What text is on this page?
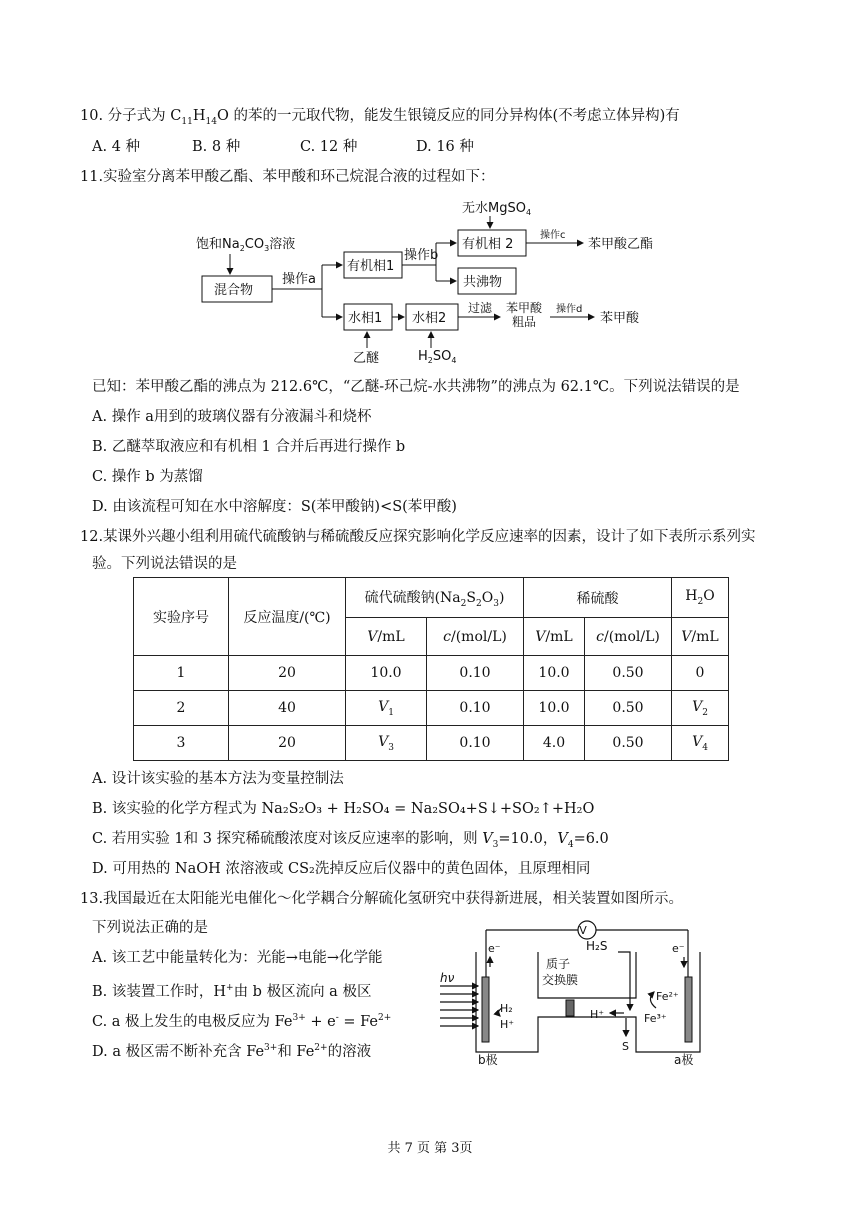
10. 分子式为 $C_{11}H_{14}O$ 的苯的一元取代物，能发生银镜反应的同分异构体(不考虑立体异构)有
A. 4 种	B. 8 种	C. 12 种	D. 16 种
11.实验室分离苯甲酸乙酯、苯甲酸和环己烷混合液的过程如下：
无水MgSO$_4$
饱和$Na_2CO_3$溶液
混合物
操作a
有机相1
操作b
有机相 2
操作c
苯甲酸乙酯
共沸物
水相1 水相2
过滤 苯甲酸
粗品
操作d
苯甲酸
乙醚	$H_2SO_4$
已知：苯甲酸乙酯的沸点为 212.6℃，“乙醚-环己烷-水共沸物”的沸点为 62.1℃。下列说法错误的是
A. 操作 a用到的玻璃仪器有分液漏斗和烧杯
B. 乙醚萃取液应和有机相 1 合并后再进行操作 b
C. 操作 b 为蒸馏
D. 由该流程可知在水中溶解度：S(苯甲酸钠)<S(苯甲酸)
12.某课外兴趣小组利用硫代硫酸钠与稀硫酸反应探究影响化学反应速率的因素，设计了如下表所示系列实
验。下列说法错误的是
实验序号	反应温度/(℃)	硫代硫酸钠$(Na_2S_2O_3)$		稀硫酸		$H_2O$
		V/mL	c/(mol/L)	V/mL	c/(mol/L)	V/mL
1	20	10.0	0.10	10.0	0.50	0
2	40	$V_1$	0.10	10.0	0.50	$V_2$
3	20	$V_3$	0.10	4.0	0.50	$V_4$
A. 设计该实验的基本方法为变量控制法
B. 该实验的化学方程式为 Na₂S₂O₃ + H₂SO₄ = Na₂SO₄+S↓+SO₂↑+H₂O
C. 若用实验 1和 3 探究稀硫酸浓度对该反应速率的影响，则 $V_3=10.0$，$V_4=6.0$
D. 可用热的 NaOH 浓溶液或 CS₂洗掉反应后仪器中的黄色固体，且原理相同
13.我国最近在太阳能光电催化～化学耦合分解硫化氢研究中获得新进展，相关装置如图所示。
下列说法正确的是
A. 该工艺中能量转化为：光能→电能→化学能
B. 该装置工作时，H+由 b 极区流向 a 极区
C. a 极上发生的电极反应为 $Fe^{3+} + e^- = Fe^{2+}$
D. a 极区需不断补充含 $Fe^{3+}$和 $Fe^{2+}$的溶液
V
e⁻	e⁻
H₂S
质子
交换膜
hν
H₂
H⁺
H⁺
Fe²⁺
Fe³⁺
S
b极	a极
共 7 页 第 3页
